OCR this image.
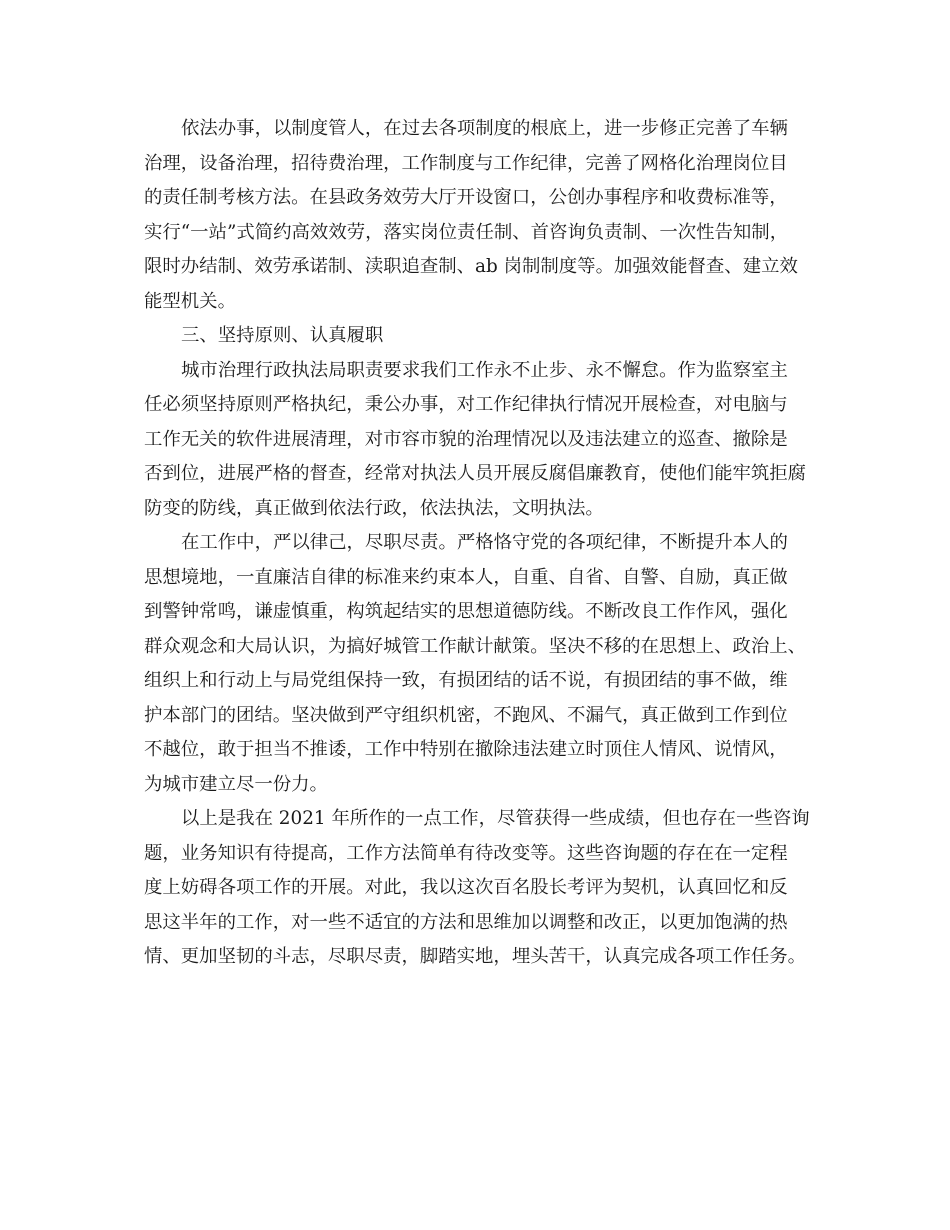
依法办事，以制度管人，在过去各项制度的根底上，进一步修正完善了车辆
治理，设备治理，招待费治理，工作制度与工作纪律，完善了网格化治理岗位目
的责任制考核方法。在县政务效劳大厅开设窗口，公创办事程序和收费标准等，
实行“一站”式简约高效效劳，落实岗位责任制、首咨询负责制、一次性告知制，
限时办结制、效劳承诺制、渎职追查制、ab 岗制制度等。加强效能督查、建立效
能型机关。
三、坚持原则、认真履职
城市治理行政执法局职责要求我们工作永不止步、永不懈怠。作为监察室主
任必须坚持原则严格执纪，秉公办事，对工作纪律执行情况开展检查，对电脑与
工作无关的软件进展清理，对市容市貌的治理情况以及违法建立的巡查、撤除是
否到位，进展严格的督查，经常对执法人员开展反腐倡廉教育，使他们能牢筑拒腐
防变的防线，真正做到依法行政，依法执法，文明执法。
在工作中，严以律己，尽职尽责。严格恪守党的各项纪律，不断提升本人的
思想境地，一直廉洁自律的标准来约束本人，自重、自省、自警、自励，真正做
到警钟常鸣，谦虚慎重，构筑起结实的思想道德防线。不断改良工作作风，强化
群众观念和大局认识，为搞好城管工作献计献策。坚决不移的在思想上、政治上、
组织上和行动上与局党组保持一致，有损团结的话不说，有损团结的事不做，维
护本部门的团结。坚决做到严守组织机密，不跑风、不漏气，真正做到工作到位
不越位，敢于担当不推诿，工作中特别在撤除违法建立时顶住人情风、说情风，
为城市建立尽一份力。
以上是我在 2021 年所作的一点工作，尽管获得一些成绩，但也存在一些咨询
题，业务知识有待提高，工作方法简单有待改变等。这些咨询题的存在在一定程
度上妨碍各项工作的开展。对此，我以这次百名股长考评为契机，认真回忆和反
思这半年的工作，对一些不适宜的方法和思维加以调整和改正，以更加饱满的热
情、更加坚韧的斗志，尽职尽责，脚踏实地，埋头苦干，认真完成各项工作任务。
